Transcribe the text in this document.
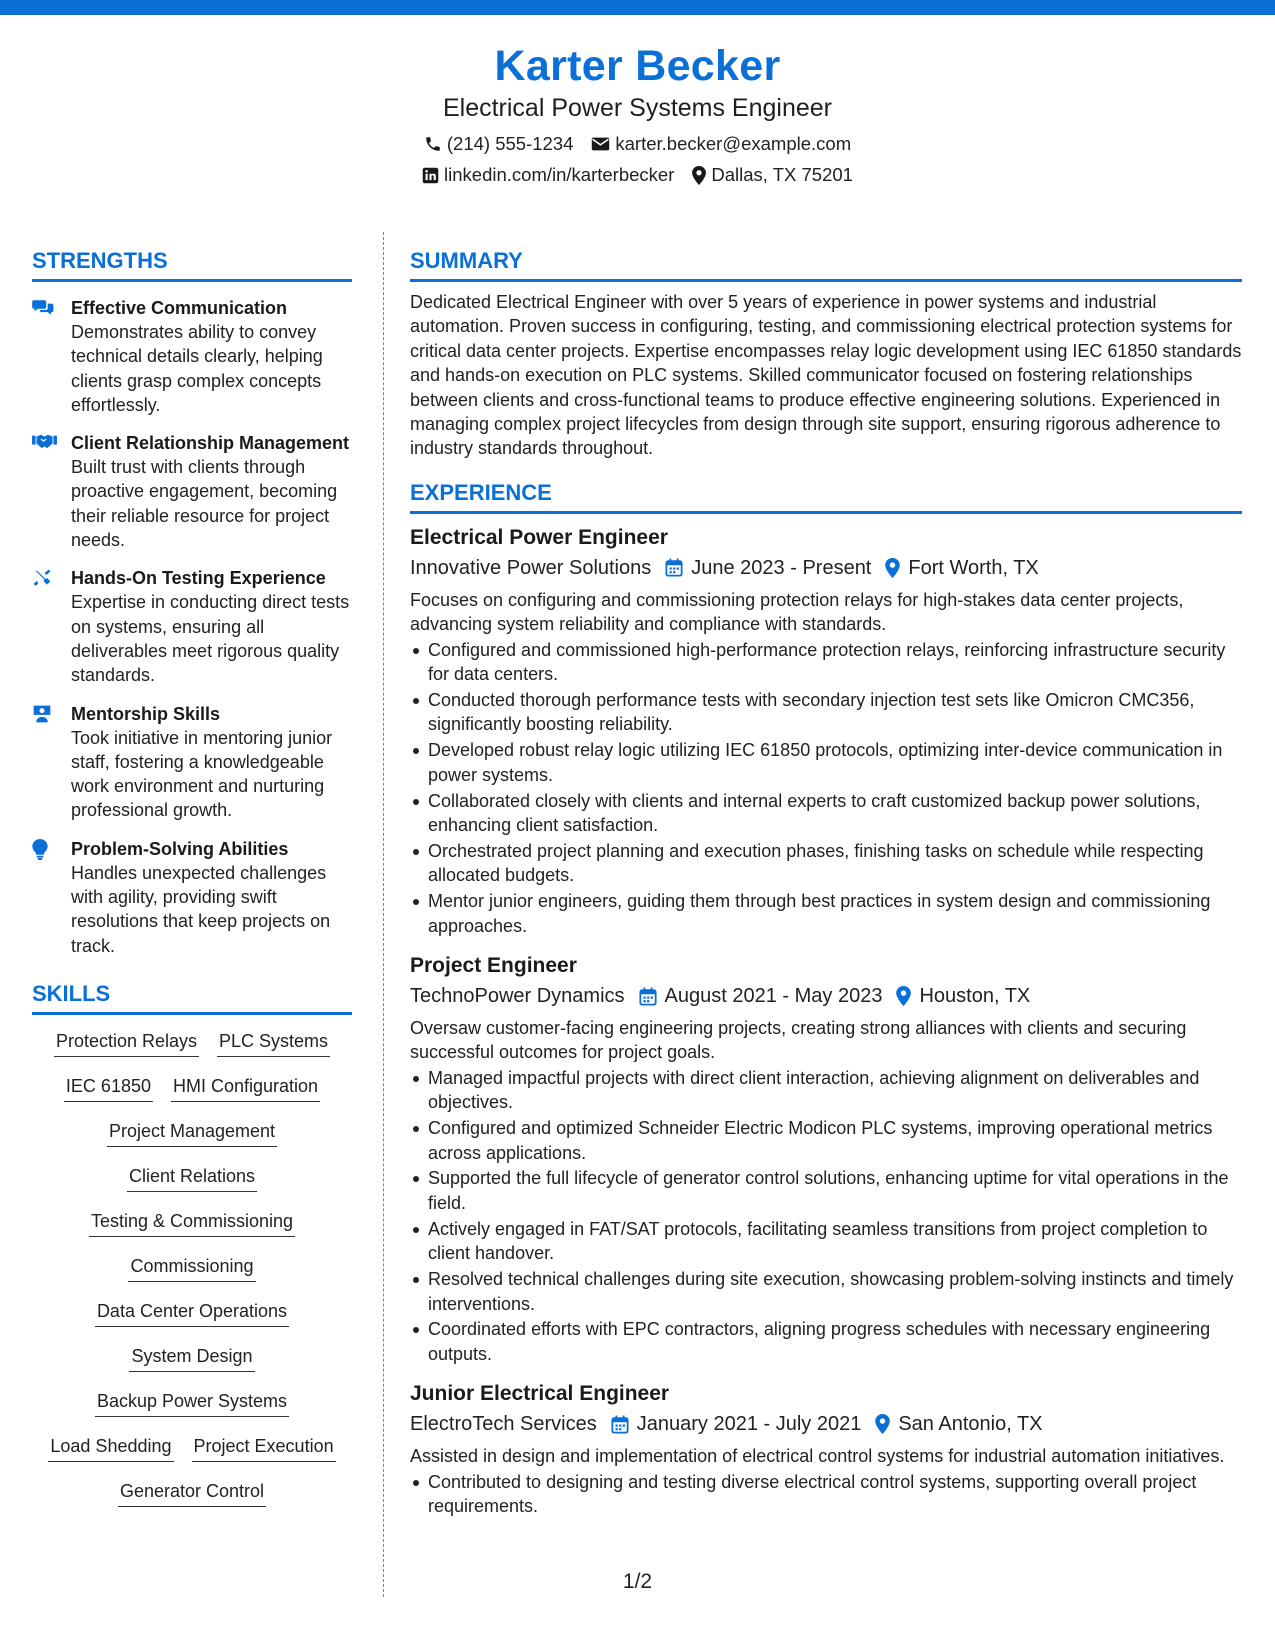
Karter Becker
Electrical Power Systems Engineer
(214) 555-1234 karter.becker@example.com
linkedin.com/in/karterbecker Dallas, TX 75201
STRENGTHS
Effective Communication
Demonstrates ability to convey technical details clearly, helping clients grasp complex concepts effortlessly.
Client Relationship Management
Built trust with clients through proactive engagement, becoming their reliable resource for project needs.
Hands-On Testing Experience
Expertise in conducting direct tests on systems, ensuring all deliverables meet rigorous quality standards.
Mentorship Skills
Took initiative in mentoring junior staff, fostering a knowledgeable work environment and nurturing professional growth.
Problem-Solving Abilities
Handles unexpected challenges with agility, providing swift resolutions that keep projects on track.
SKILLS
Protection Relays PLC Systems
IEC 61850 HMI Configuration
Project Management
Client Relations
Testing & Commissioning
Commissioning
Data Center Operations
System Design
Backup Power Systems
Load Shedding Project Execution
Generator Control
SUMMARY

Dedicated Electrical Engineer with over 5 years of experience in power systems and industrial automation. Proven success in configuring, testing, and commissioning electrical protection systems for critical data center projects. Expertise encompasses relay logic development using IEC 61850 standards and hands-on execution on PLC systems. Skilled communicator focused on fostering relationships between clients and cross-functional teams to produce effective engineering solutions. Experienced in managing complex project lifecycles from design through site support, ensuring rigorous adherence to industry standards throughout.

EXPERIENCE
Electrical Power Engineer
Innovative Power Solutions June 2023 - Present Fort Worth, TX

Focuses on configuring and commissioning protection relays for high-stakes data center projects, advancing system reliability and compliance with standards.

Configured and commissioned high-performance protection relays, reinforcing infrastructure security for data centers.
Conducted thorough performance tests with secondary injection test sets like Omicron CMC356, significantly boosting reliability.
Developed robust relay logic utilizing IEC 61850 protocols, optimizing inter-device communication in power systems.
Collaborated closely with clients and internal experts to craft customized backup power solutions, enhancing client satisfaction.
Orchestrated project planning and execution phases, finishing tasks on schedule while respecting allocated budgets.
Mentor junior engineers, guiding them through best practices in system design and commissioning approaches.
Project Engineer
TechnoPower Dynamics August 2021 - May 2023 Houston, TX

Oversaw customer-facing engineering projects, creating strong alliances with clients and securing successful outcomes for project goals.

Managed impactful projects with direct client interaction, achieving alignment on deliverables and objectives.
Configured and optimized Schneider Electric Modicon PLC systems, improving operational metrics across applications.
Supported the full lifecycle of generator control solutions, enhancing uptime for vital operations in the field.
Actively engaged in FAT/SAT protocols, facilitating seamless transitions from project completion to client handover.
Resolved technical challenges during site execution, showcasing problem-solving instincts and timely interventions.
Coordinated efforts with EPC contractors, aligning progress schedules with necessary engineering outputs.
Junior Electrical Engineer
ElectroTech Services January 2021 - July 2021 San Antonio, TX

Assisted in design and implementation of electrical control systems for industrial automation initiatives.

Contributed to designing and testing diverse electrical control systems, supporting overall project requirements.
1/2
